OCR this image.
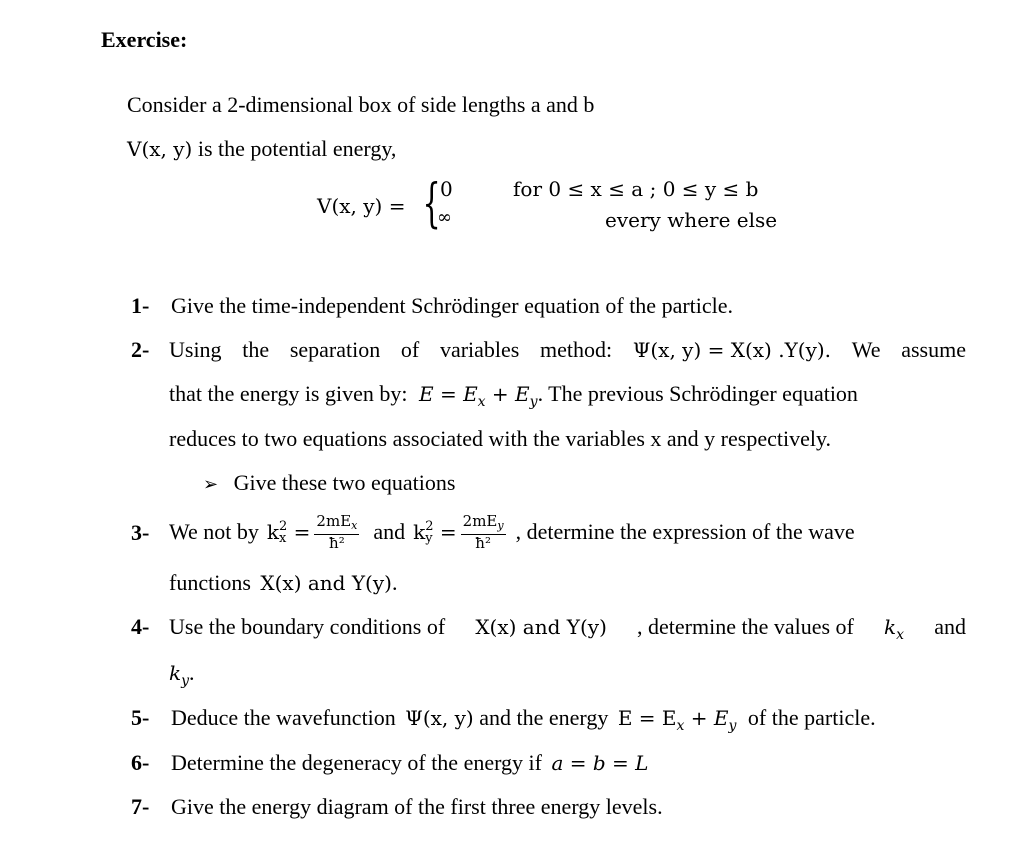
Exercise:
Consider a 2-dimensional box of side lengths a and b
V(x, y) is the potential energy,
V(x, y) = { 0
∞
for 0 ≤ x ≤ a ; 0 ≤ y ≤ b
every where else
1- Give the time-independent Schrödinger equation of the particle.
2- Using the separation of variables method: Ψ(x, y) = X(x) .Y(y). We assume
that the energy is given by: $E = E_x + E_y$. The previous Schrödinger equation
reduces to two equations associated with the variables x and y respectively.
➢ Give these two equations
3- We not by k 2
$x = \frac{2mE_x}{\text{ħ²}}$ and k 2
$y = \frac{2mE_y}{\text{ħ²}}$ , determine the expression of the wave
functions X(x) and Y(y).
4- Use the boundary conditions of X(x) and Y(y) , determine the values of $k_x$ and
$k_y$.
5- Deduce the wavefunction Ψ(x, y) and the energy $E = E_x + E_y$ of the particle.
6- Determine the degeneracy of the energy if a = b = L
7- Give the energy diagram of the first three energy levels.
